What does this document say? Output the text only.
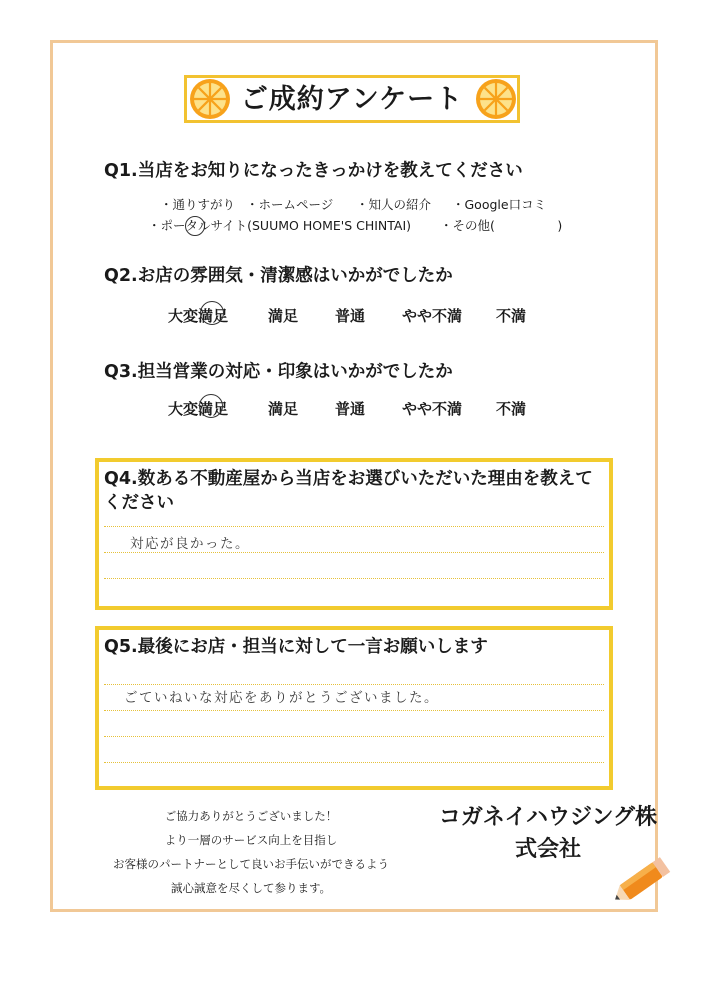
ご成約アンケート
Q1.当店をお知りになったきっかけを教えてください
・通りすがり ・ホームページ ・知人の紹介 ・Google口コミ
・ポータルサイト(SUUMO HOME'S CHINTAI) ・その他(　　　　　)
Q2.お店の雰囲気・清潔感はいかがでしたか
大変満足	満足 普通 やや不満 不満
Q3.担当営業の対応・印象はいかがでしたか
大変満足	満足 普通 やや不満 不満
Q4.数ある不動産屋から当店をお選びいただいた理由を教えて
ください
対応が良かった。
Q5.最後にお店・担当に対して一言お願いします
ごていねいな対応をありがとうございました。
ご協力ありがとうございました！
より一層のサービス向上を目指し
お客様のパートナーとして良いお手伝いができるよう
誠心誠意を尽くして参ります。
コガネイハウジング株
式会社
